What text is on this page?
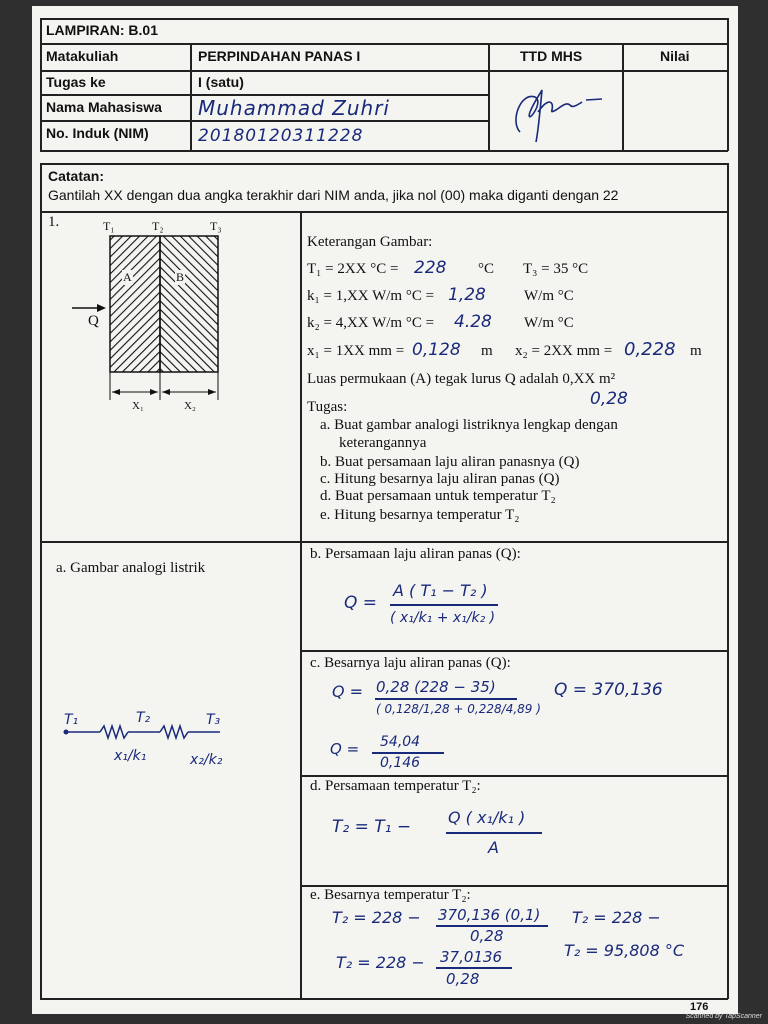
LAMPIRAN: B.01
Matakuliah	PERPINDAHAN PANAS I
Tugas ke	I (satu)
Nama Mahasiswa Muhammad Zuhri
No. Induk (NIM)	20180120311228
TTD MHS	Nilai
Catatan:
Gantilah XX dengan dua angka terakhir dari NIM anda, jika nol (00) maka diganti dengan 22
1.	T₁	T₂	T₃
A	B
Q
X₁	X₂
Keterangan Gambar:
T₁ = 2XX °C = 228 °C T₃ = 35 °C
k₁ = 1,XX W/m °C = 1,28	W/m °C
k₂ = 4,XX W/m °C = 4.28 W/m °C
x₁ = 1XX mm = 0,128 m x₂ = 2XX mm = 0,228 m
Luas permukaan (A) tegak lurus Q adalah 0,XX m²
0,28
Tugas:
a. Buat gambar analogi listriknya lengkap dengan
keterangannya
b. Buat persamaan laju aliran panasnya (Q)
c. Hitung besarnya laju aliran panas (Q)
d. Buat persamaan untuk temperatur T₂
e. Hitung besarnya temperatur T₂
a. Gambar analogi listrik
T₁	T₂	T₃
x₁/k₁	x₂/k₂
b. Persamaan laju aliran panas (Q):
Q =
A ( T₁ − T₂ )
( x₁/k₁ + x₁/k₂ )
c. Besarnya laju aliran panas (Q):
Q = 0,28 (228 − 35)
( 0,128/1,28 + 0,228/4,89 )
Q = 370,136
Q = 54,04
0,146
d. Persamaan temperatur T₂:
T₂ = T₁ − Q ( x₁/k₁ )
A
e. Besarnya temperatur T₂:
T₂ = 228 − 370,136 (0,1)
0,28
T₂ = 228 −
T₂ = 228 − 37,0136
0,28
T₂ = 95,808 °C
176
Scanned by TapScanner
